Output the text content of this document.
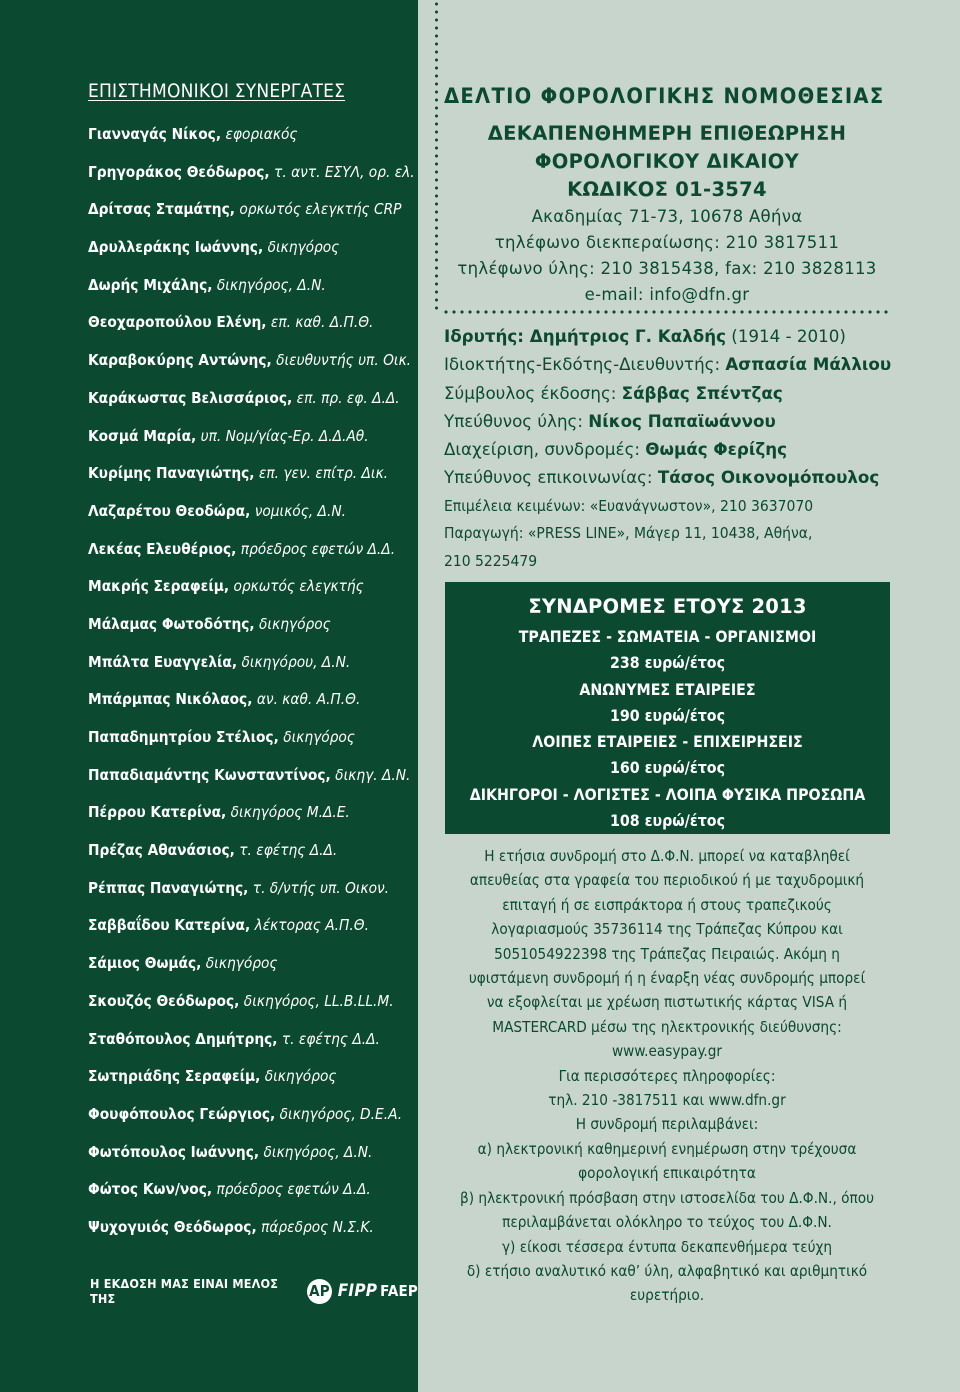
ΕΠΙΣΤΗΜΟΝΙΚΟΙ ΣΥΝΕΡΓΑΤΕΣ
Γιανναγάς Νίκος, εφοριακός
Γρηγοράκος Θεόδωρος, τ. αντ. ΕΣΥΛ, ορ. ελ.
Δρίτσας Σταμάτης, ορκωτός ελεγκτής CRP
Δρυλλεράκης Ιωάννης, δικηγόρος
Δωρής Μιχάλης, δικηγόρος, Δ.Ν.
Θεοχαροπούλου Ελένη, επ. καθ. Δ.Π.Θ.
Καραβοκύρης Αντώνης, διευθυντής υπ. Οικ.
Καράκωστας Βελισσάριος, επ. πρ. εφ. Δ.Δ.
Κοσμά Μαρία, υπ. Νομ/γίας-Ερ. Δ.Δ.Αθ.
Κυρίμης Παναγιώτης, επ. γεν. επίτρ. Δικ.
Λαζαρέτου Θεοδώρα, νομικός, Δ.Ν.
Λεκέας Ελευθέριος, πρόεδρος εφετών Δ.Δ.
Μακρής Σεραφείμ, ορκωτός ελεγκτής
Μάλαμας Φωτοδότης, δικηγόρος
Μπάλτα Ευαγγελία, δικηγόρου, Δ.Ν.
Μπάρμπας Νικόλαος, αν. καθ. Α.Π.Θ.
Παπαδημητρίου Στέλιος, δικηγόρος
Παπαδιαμάντης Κωνσταντίνος, δικηγ. Δ.Ν.
Πέρρου Κατερίνα, δικηγόρος Μ.Δ.Ε.
Πρέζας Αθανάσιος, τ. εφέτης Δ.Δ.
Ρέππας Παναγιώτης, τ. δ/ντής υπ. Οικον.
Σαββαΐδου Κατερίνα, λέκτορας Α.Π.Θ.
Σάμιος Θωμάς, δικηγόρος
Σκουζός Θεόδωρος, δικηγόρος, LL.B.LL.M.
Σταθόπουλος Δημήτρης, τ. εφέτης Δ.Δ.
Σωτηριάδης Σεραφείμ, δικηγόρος
Φουφόπουλος Γεώργιος, δικηγόρος, D.E.A.
Φωτόπουλος Ιωάννης, δικηγόρος, Δ.Ν.
Φώτος Κων/νος, πρόεδρος εφετών Δ.Δ.
Ψυχογυιός Θεόδωρος, πάρεδρος Ν.Σ.Κ.
Η ΕΚΔΟΣΗ ΜΑΣ ΕΙΝΑΙ ΜΕΛΟΣ ΤΗΣ	AP FIPP FAEP
ΔΕΛΤΙΟ ΦΟΡΟΛΟΓΙΚΗΣ ΝΟΜΟΘΕΣΙΑΣ
ΔΕΚΑΠΕΝΘΗΜΕΡΗ ΕΠΙΘΕΩΡΗΣΗ
ΦΟΡΟΛΟΓΙΚΟΥ ΔΙΚΑΙΟΥ
ΚΩΔΙΚΟΣ 01-3574
Ακαδημίας 71-73, 10678 Αθήνα
τηλέφωνο διεκπεραίωσης: 210 3817511
τηλέφωνο ύλης: 210 3815438, fax: 210 3828113
e-mail: info@dfn.gr
Ιδρυτής: Δημήτριος Γ. Καλδής (1914 - 2010)
Ιδιοκτήτης-Εκδότης-Διευθυντής: Ασπασία Μάλλιου
Σύμβουλος έκδοσης: Σάββας Σπέντζας
Υπεύθυνος ύλης: Νίκος Παπαϊωάννου
Διαχείριση, συνδρομές: Θωμάς Φερίζης
Υπεύθυνος επικοινωνίας: Τάσος Οικονομόπουλος
Επιμέλεια κειμένων: «Ευανάγνωστον», 210 3637070
Παραγωγή: «PRESS LINE», Μάγερ 11, 10438, Αθήνα,
210 5225479
ΣΥΝΔΡΟΜΕΣ ΕΤΟΥΣ 2013
ΤΡΑΠΕΖΕΣ - ΣΩΜΑΤΕΙΑ - ΟΡΓΑΝΙΣΜΟΙ
238 ευρώ/έτος
ΑΝΩΝΥΜΕΣ ΕΤΑΙΡΕΙΕΣ
190 ευρώ/έτος
ΛΟΙΠΕΣ ΕΤΑΙΡΕΙΕΣ - ΕΠΙΧΕΙΡΗΣΕΙΣ
160 ευρώ/έτος
ΔΙΚΗΓΟΡΟΙ - ΛΟΓΙΣΤΕΣ - ΛΟΙΠΑ ΦΥΣΙΚΑ ΠΡΟΣΩΠΑ
108 ευρώ/έτος
Η ετήσια συνδρομή στο Δ.Φ.Ν. μπορεί να καταβληθεί
απευθείας στα γραφεία του περιοδικού ή με ταχυδρομική
επιταγή ή σε εισπράκτορα ή στους τραπεζικούς
λογαριασμούς 35736114 της Τράπεζας Κύπρου και
5051054922398 της Τράπεζας Πειραιώς. Ακόμη η
υφιστάμενη συνδρομή ή η έναρξη νέας συνδρομής μπορεί
να εξοφλείται με χρέωση πιστωτικής κάρτας VISA ή
MASTERCARD μέσω της ηλεκτρονικής διεύθυνσης:
www.easypay.gr
Για περισσότερες πληροφορίες:
τηλ. 210 -3817511 και www.dfn.gr
Η συνδρομή περιλαμβάνει:
α) ηλεκτρονική καθημερινή ενημέρωση στην τρέχουσα
φορολογική επικαιρότητα
β) ηλεκτρονική πρόσβαση στην ιστοσελίδα του Δ.Φ.Ν., όπου
περιλαμβάνεται ολόκληρο το τεύχος του Δ.Φ.Ν.
γ) είκοσι τέσσερα έντυπα δεκαπενθήμερα τεύχη
δ) ετήσιο αναλυτικό καθ’ ύλη, αλφαβητικό και αριθμητικό
ευρετήριο.
